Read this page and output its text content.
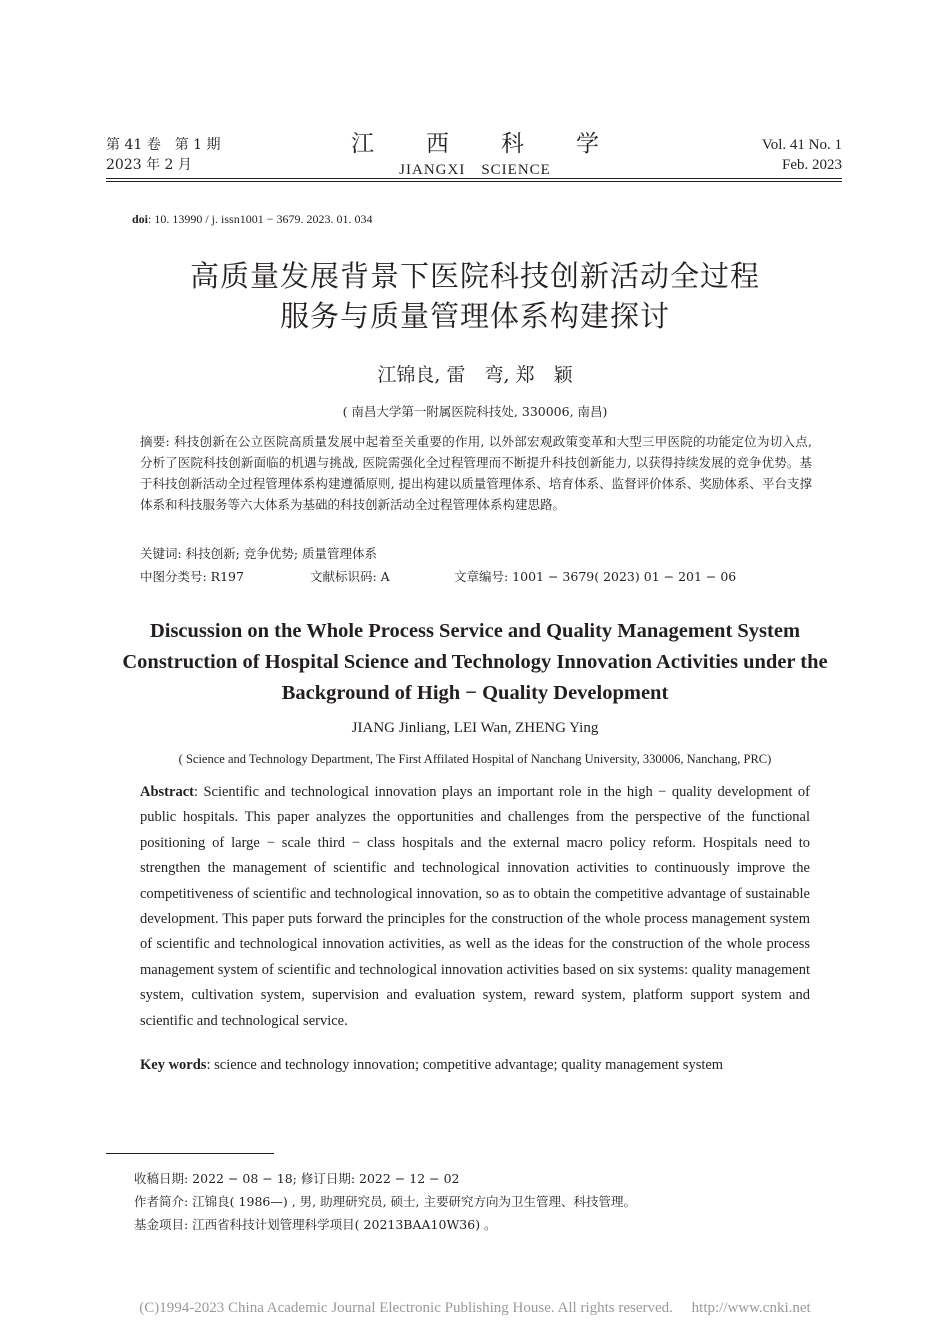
第 41 卷　第 1 期
2023 年 2 月
江西科学
JIANGXI　SCIENCE
Vol. 41 No. 1
Feb. 2023
doi: 10. 13990 / j. issn1001 − 3679. 2023. 01. 034
高质量发展背景下医院科技创新活动全过程
服务与质量管理体系构建探讨
江锦良, 雷　弯, 郑　颖
( 南昌大学第一附属医院科技处, 330006, 南昌)
摘要: 科技创新在公立医院高质量发展中起着至关重要的作用, 以外部宏观政策变革和大型三甲医院的功能定位为切入点, 分析了医院科技创新面临的机遇与挑战, 医院需强化全过程管理而不断提升科技创新能力, 以获得持续发展的竞争优势。基于科技创新活动全过程管理体系构建遵循原则, 提出构建以质量管理体系、培育体系、监督评价体系、奖励体系、平台支撑体系和科技服务等六大体系为基础的科技创新活动全过程管理体系构建思路。
关键词: 科技创新; 竞争优势; 质量管理体系
中图分类号: R197	文献标识码: A	文章编号: 1001 − 3679( 2023) 01 − 201 − 06
Discussion on the Whole Process Service and Quality Management System Construction of Hospital Science and Technology Innovation Activities under the Background of High − Quality Development
JIANG Jinliang, LEI Wan, ZHENG Ying
( Science and Technology Department, The First Affilated Hospital of Nanchang University, 330006, Nanchang, PRC)
Abstract: Scientific and technological innovation plays an important role in the high − quality development of public hospitals. This paper analyzes the opportunities and challenges from the perspective of the functional positioning of large − scale third − class hospitals and the external macro policy reform. Hospitals need to strengthen the management of scientific and technological innovation activities to continuously improve the competitiveness of scientific and technological innovation, so as to obtain the competitive advantage of sustainable development. This paper puts forward the principles for the construction of the whole process management system of scientific and technological innovation activities, as well as the ideas for the construction of the whole process management system of scientific and technological innovation activities based on six systems: quality management system, cultivation system, supervision and evaluation system, reward system, platform support system and scientific and technological service.
Key words: science and technology innovation; competitive advantage; quality management system
收稿日期: 2022 − 08 − 18; 修订日期: 2022 − 12 − 02
作者简介: 江锦良( 1986—) , 男, 助理研究员, 硕士, 主要研究方向为卫生管理、科技管理。
基金项目: 江西省科技计划管理科学项目( 20213BAA10W36) 。
(C)1994-2023 China Academic Journal Electronic Publishing House. All rights reserved.　 http://www.cnki.net
